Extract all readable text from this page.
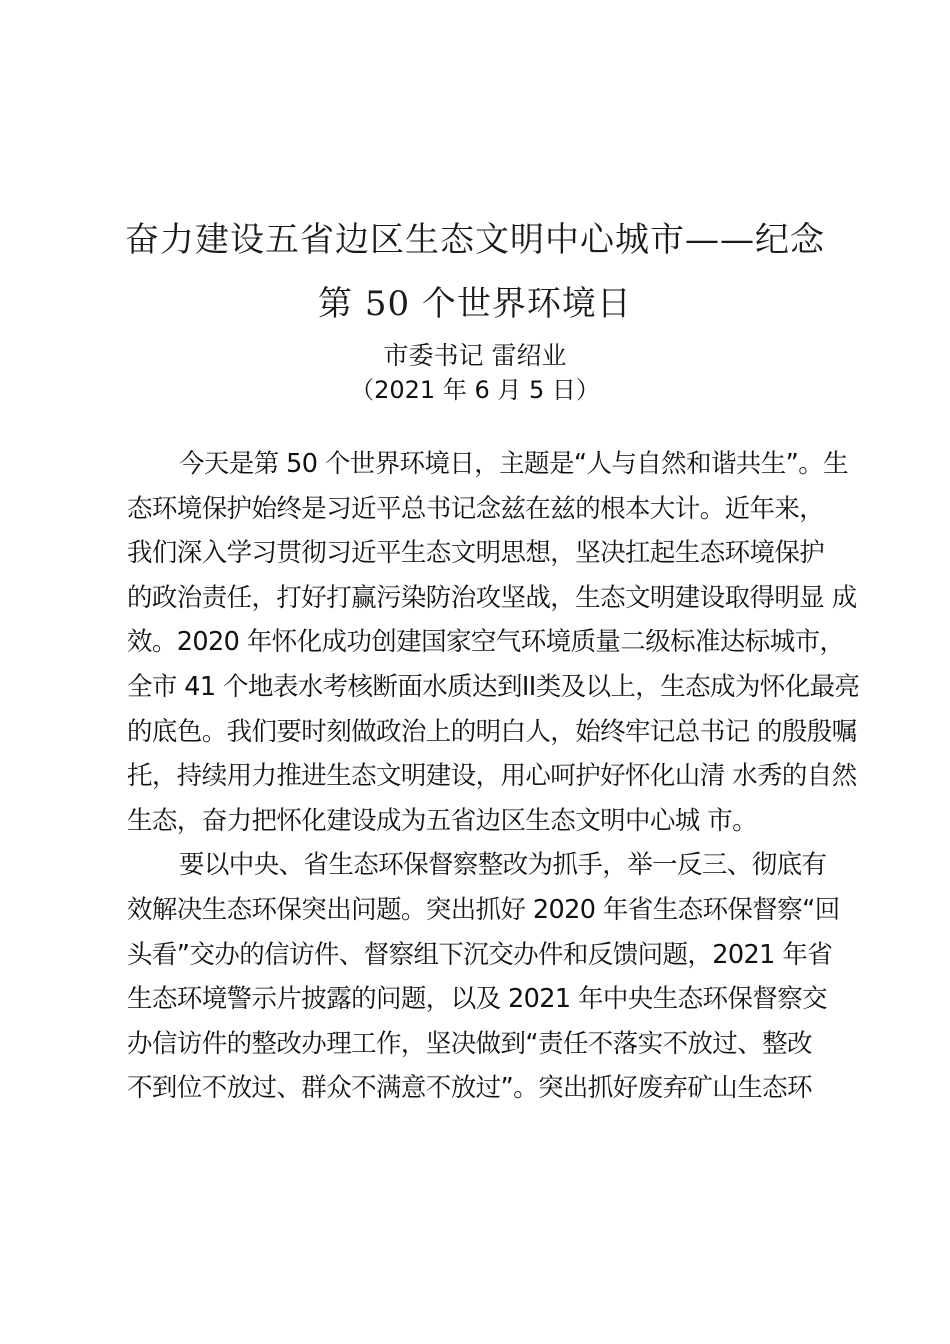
奋力建设五省边区生态文明中心城市——纪念
第 50 个世界环境日
市委书记 雷绍业
（2021 年 6 月 5 日）
今天是第 50 个世界环境日，主题是“人与自然和谐共生”。生
态环境保护始终是习近平总书记念兹在兹的根本大计。近年来，
我们深入学习贯彻习近平生态文明思想，坚决扛起生态环境保护
的政治责任，打好打赢污染防治攻坚战，生态文明建设取得明显 成
效。2020 年怀化成功创建国家空气环境质量二级标准达标城市，
全市 41 个地表水考核断面水质达到II类及以上，生态成为怀化最亮
的底色。我们要时刻做政治上的明白人，始终牢记总书记 的殷殷嘱
托，持续用力推进生态文明建设，用心呵护好怀化山清 水秀的自然
生态，奋力把怀化建设成为五省边区生态文明中心城 市。
要以中央、省生态环保督察整改为抓手，举一反三、彻底有
效解决生态环保突出问题。突出抓好 2020 年省生态环保督察“回
头看”交办的信访件、督察组下沉交办件和反馈问题，2021 年省
生态环境警示片披露的问题，以及 2021 年中央生态环保督察交
办信访件的整改办理工作，坚决做到“责任不落实不放过、整改
不到位不放过、群众不满意不放过”。突出抓好废弃矿山生态环
